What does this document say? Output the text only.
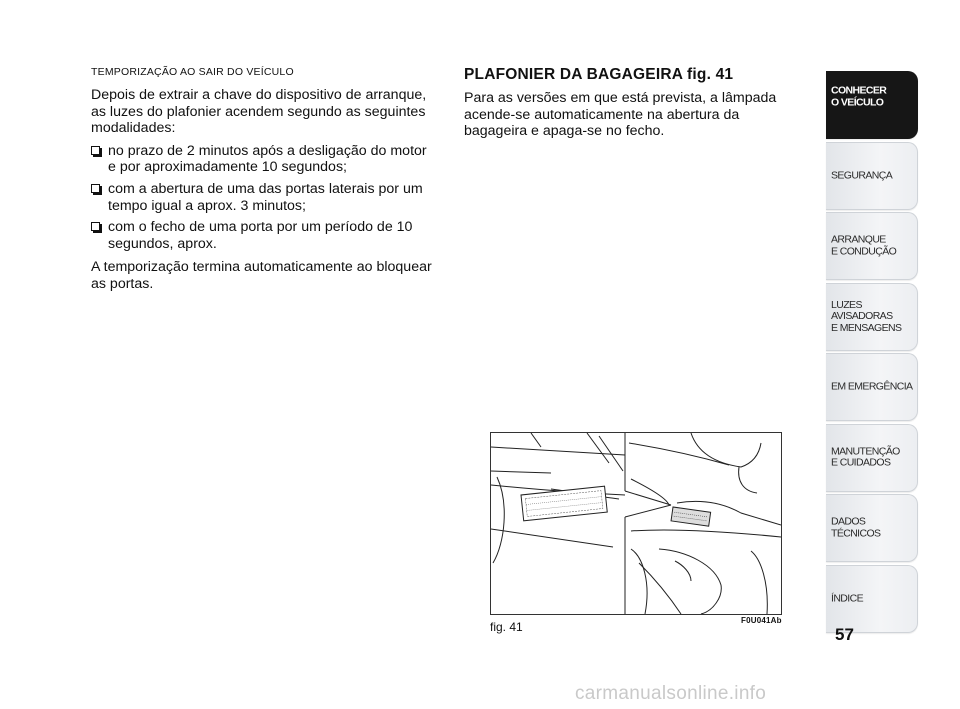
TEMPORIZAÇÃO AO SAIR DO VEÍCULO

Depois de extrair a chave do dispositivo de arranque, as luzes do plafonier acendem segundo as seguintes modalidades:

no prazo de 2 minutos após a desligação do motor e por aproximadamente 10 segundos;
com a abertura de uma das portas laterais por um tempo igual a aprox. 3 minutos;
com o fecho de uma porta por um período de 10 segundos, aprox.

A temporização termina automaticamente ao bloquear as portas.

PLAFONIER DA BAGAGEIRA fig. 41

Para as versões em que está prevista, a lâmpada acende-se automaticamente na abertura da bagageira e apaga-se no fecho.

fig. 41	F0U041Ab
CONHECER
O VEÍCULO
SEGURANÇA
ARRANQUE
E CONDUÇÃO
LUZES
AVISADORAS
E MENSAGENS
EM EMERGÊNCIA
MANUTENÇÃO
E CUIDADOS
DADOS
TÉCNICOS
ÍNDICE
57
carmanualsonline.info
